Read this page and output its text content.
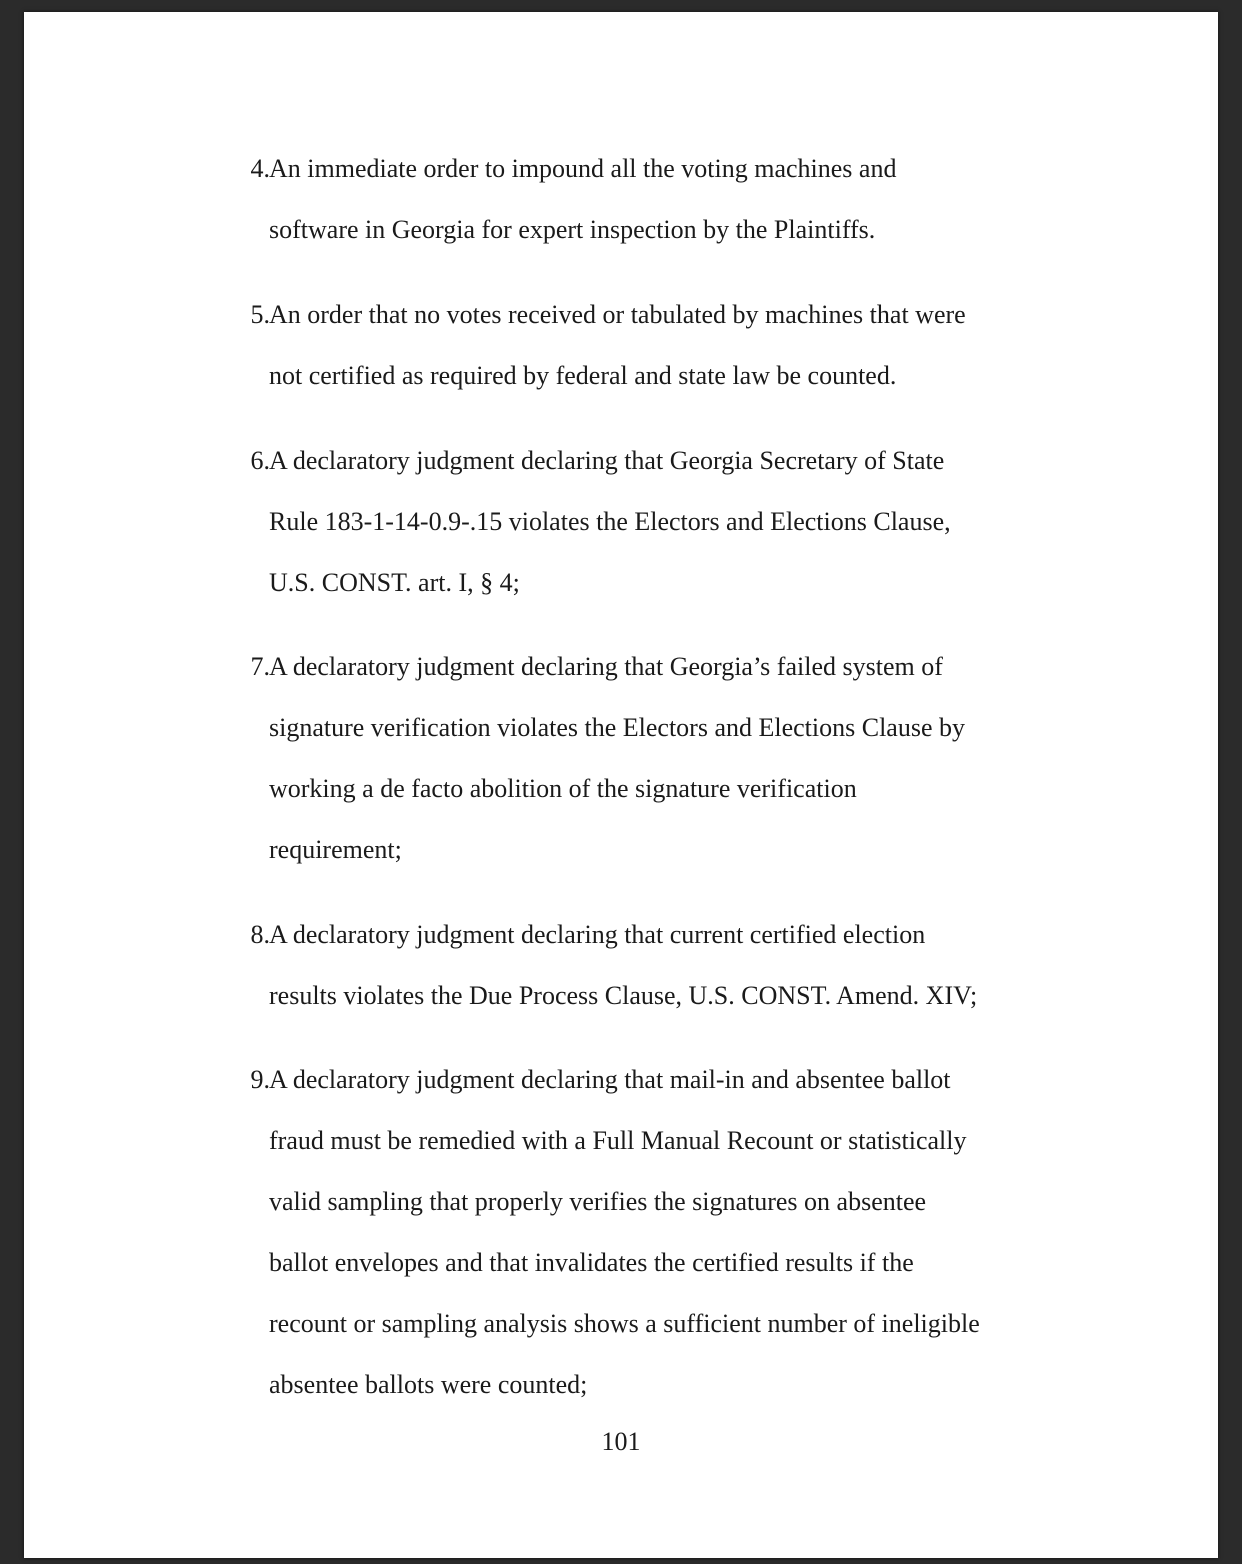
4. An immediate order to impound all the voting machines and
software in Georgia for expert inspection by the Plaintiffs.
5. An order that no votes received or tabulated by machines that were
not certified as required by federal and state law be counted.
6. A declaratory judgment declaring that Georgia Secretary of State
Rule 183-1-14-0.9-.15 violates the Electors and Elections Clause,
U.S. CONST. art. I, § 4;
7. A declaratory judgment declaring that Georgia’s failed system of
signature verification violates the Electors and Elections Clause by
working a de facto abolition of the signature verification
requirement;
8. A declaratory judgment declaring that current certified election
results violates the Due Process Clause, U.S. CONST. Amend. XIV;
9. A declaratory judgment declaring that mail-in and absentee ballot
fraud must be remedied with a Full Manual Recount or statistically
valid sampling that properly verifies the signatures on absentee
ballot envelopes and that invalidates the certified results if the
recount or sampling analysis shows a sufficient number of ineligible
absentee ballots were counted;
101
